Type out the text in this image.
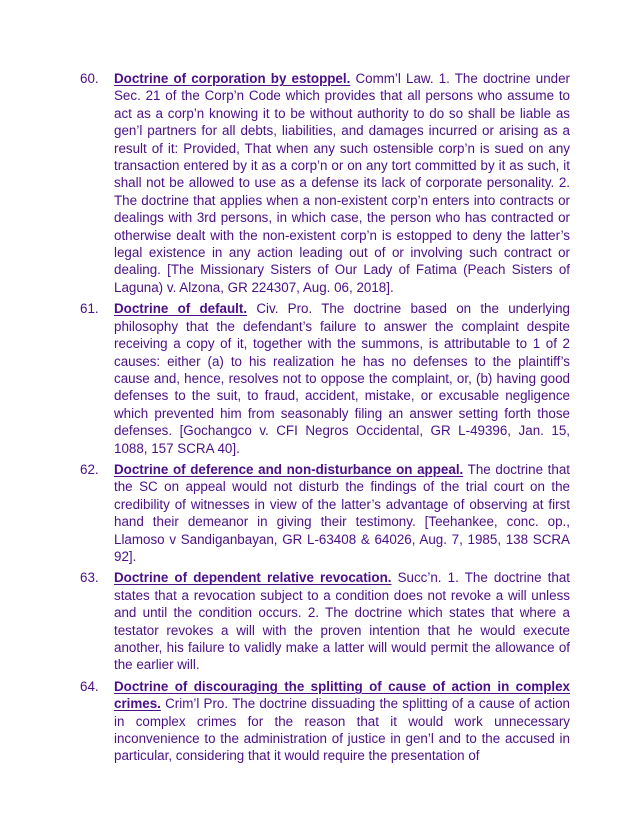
60.	Doctrine of corporation by estoppel. Comm’l Law. 1. The doctrine under Sec. 21 of the Corp’n Code which provides that all persons who assume to act as a corp’n knowing it to be without authority to do so shall be liable as gen’l partners for all debts, liabilities, and damages incurred or arising as a result of it: Provided, That when any such ostensible corp’n is sued on any transaction entered by it as a corp’n or on any tort committed by it as such, it shall not be allowed to use as a defense its lack of corporate personality. 2. The doctrine that applies when a non-existent corp’n enters into contracts or dealings with 3rd persons, in which case, the person who has contracted or otherwise dealt with the non-existent corp’n is estopped to deny the latter’s legal existence in any action leading out of or involving such contract or dealing. [The Missionary Sisters of Our Lady of Fatima (Peach Sisters of Laguna) v. Alzona, GR 224307, Aug. 06, 2018].
61.	Doctrine of default. Civ. Pro. The doctrine based on the underlying philosophy that the defendant’s failure to answer the complaint despite receiving a copy of it, together with the summons, is attributable to 1 of 2 causes: either (a) to his realization he has no defenses to the plaintiff’s cause and, hence, resolves not to oppose the complaint, or, (b) having good defenses to the suit, to fraud, accident, mistake, or excusable negligence which prevented him from seasonably filing an answer setting forth those defenses. [Gochangco v. CFI Negros Occidental, GR L-49396, Jan. 15, 1088, 157 SCRA 40].
62.	Doctrine of deference and non-disturbance on appeal. The doctrine that the SC on appeal would not disturb the findings of the trial court on the credibility of witnesses in view of the latter’s advantage of observing at first hand their demeanor in giving their testimony. [Teehankee, conc. op., Llamoso v Sandiganbayan, GR L-63408 & 64026, Aug. 7, 1985, 138 SCRA 92].
63.	Doctrine of dependent relative revocation. Succ’n. 1. The doctrine that states that a revocation subject to a condition does not revoke a will unless and until the condition occurs. 2. The doctrine which states that where a testator revokes a will with the proven intention that he would execute another, his failure to validly make a latter will would permit the allowance of the earlier will.
64.	Doctrine of discouraging the splitting of cause of action in complex crimes. Crim’l Pro. The doctrine dissuading the splitting of a cause of action in complex crimes for the reason that it would work unnecessary inconvenience to the administration of justice in gen’l and to the accused in particular, considering that it would require the presentation of
